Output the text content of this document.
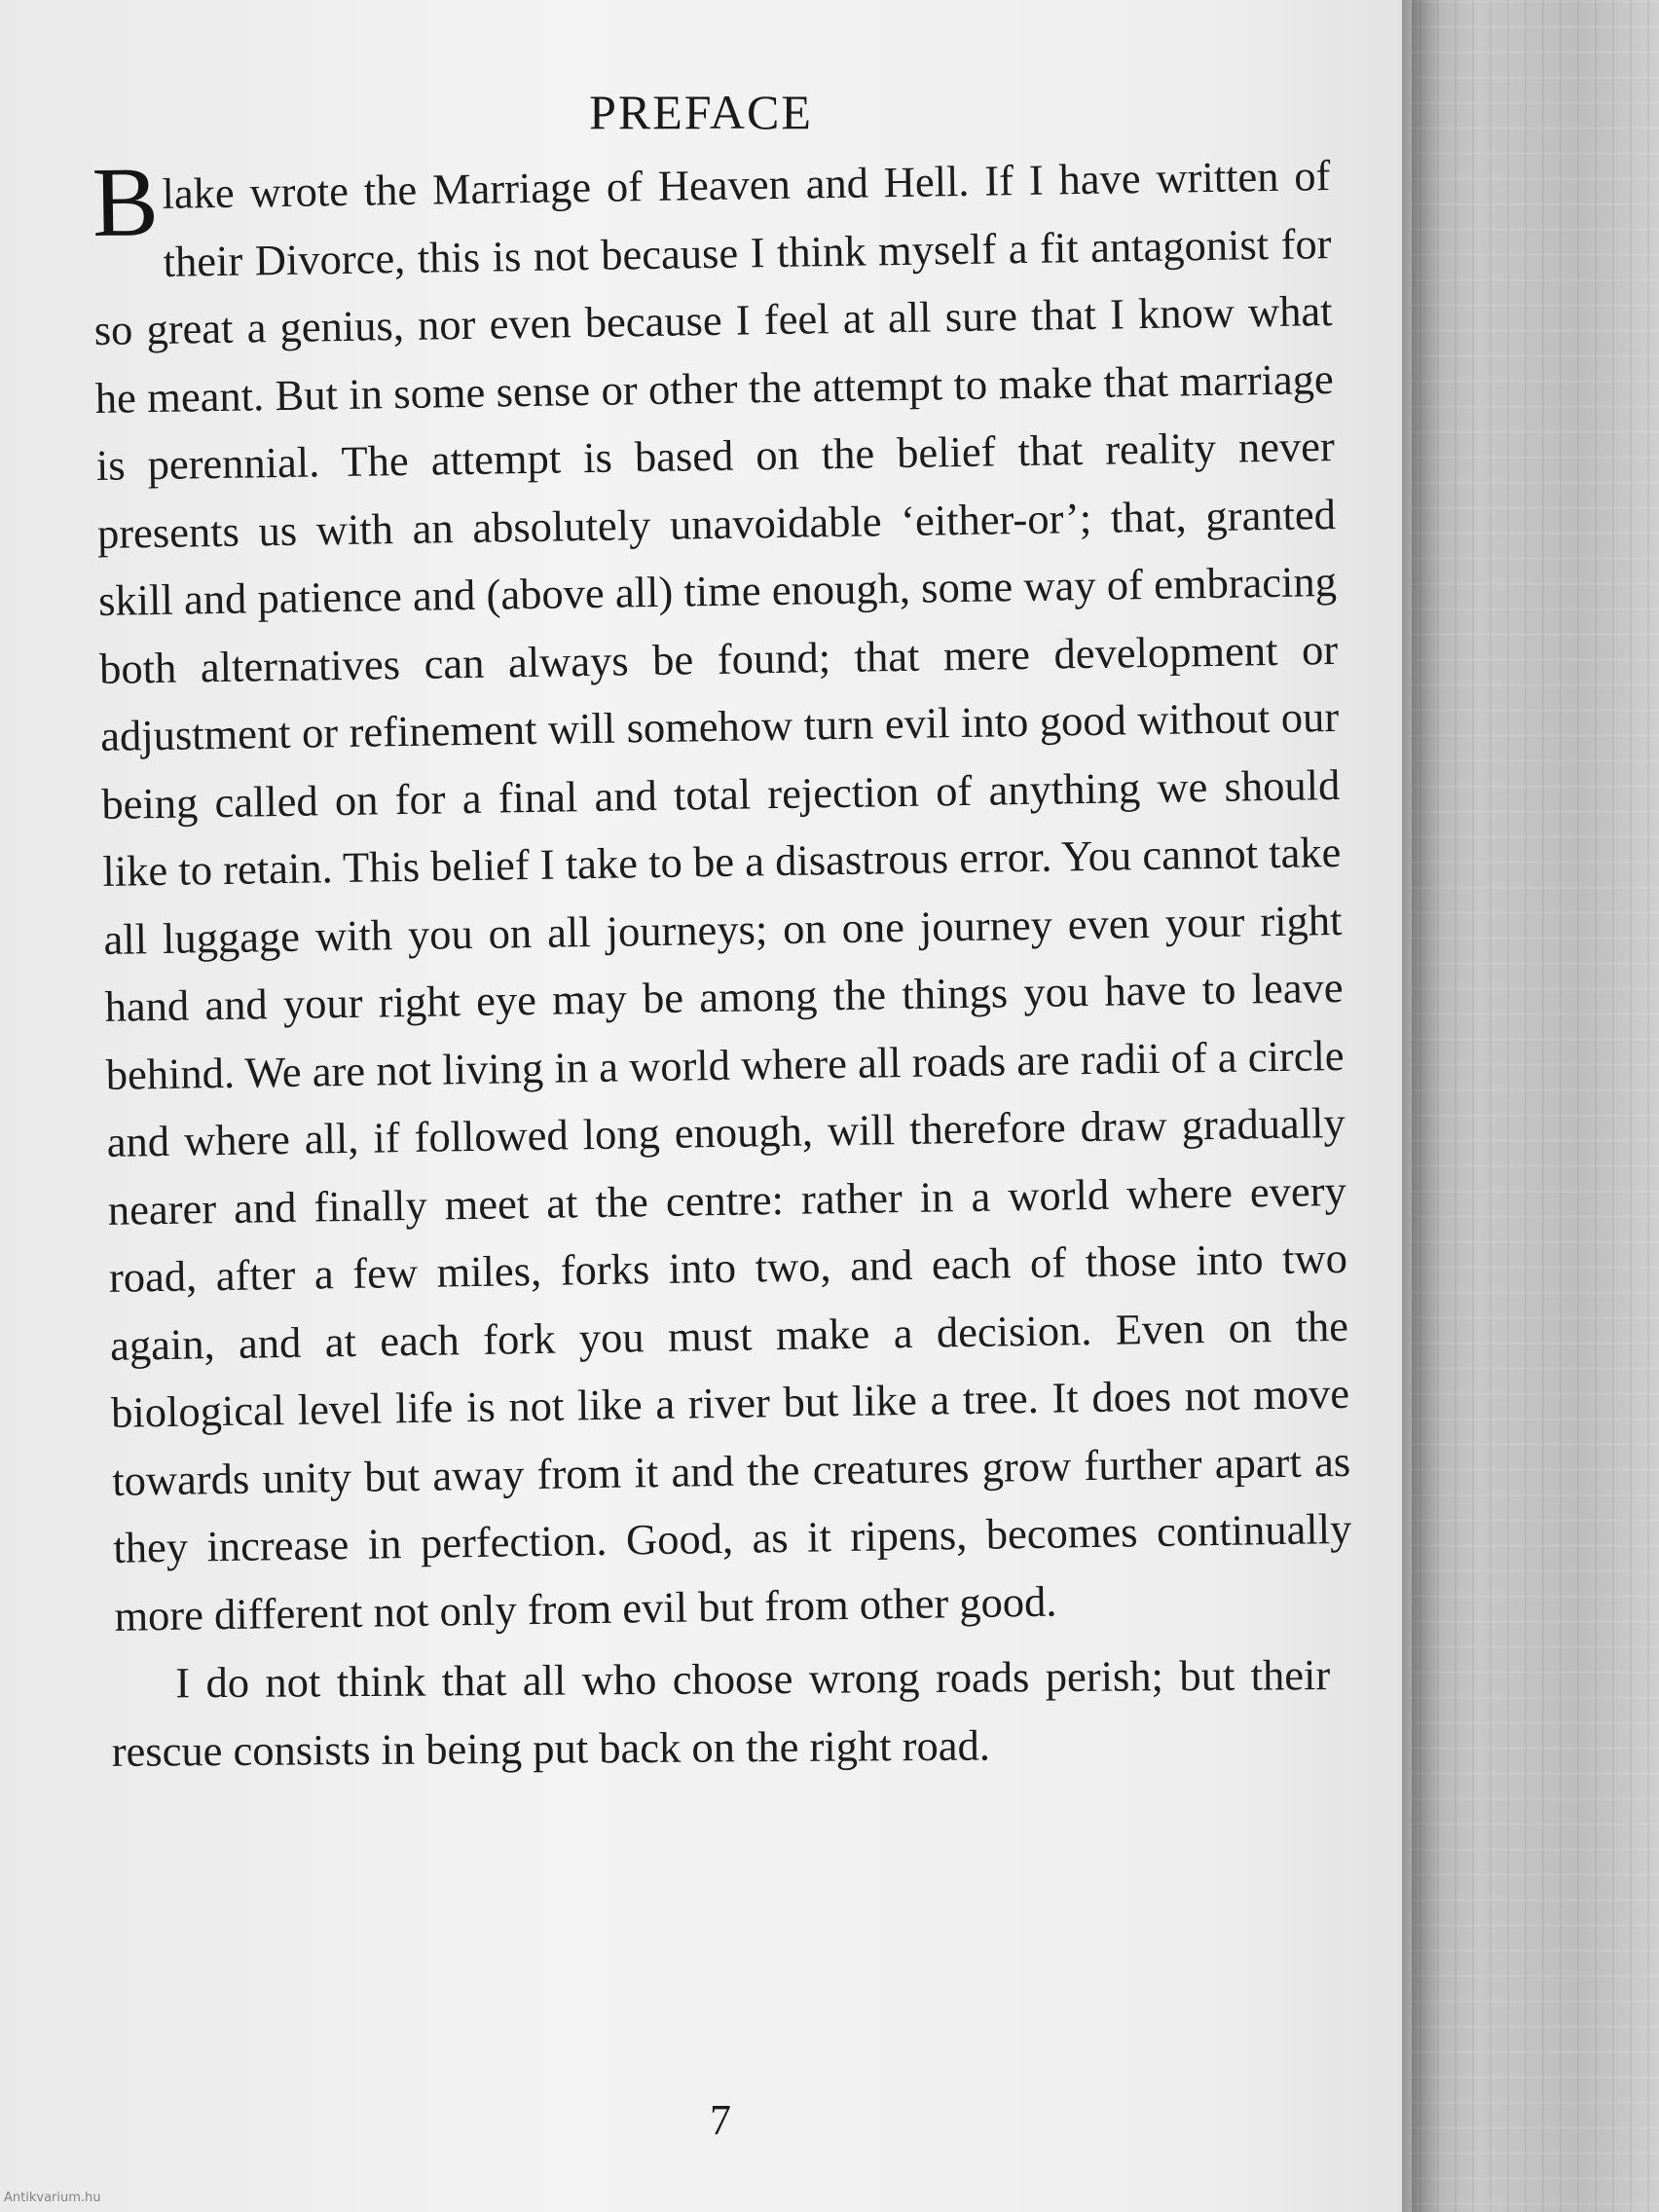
PREFACE

Blake wrote the Marriage of Heaven and Hell. If I have written of their Divorce, this is not because I think myself a fit antagonist for so great a genius, nor even because I feel at all sure that I know what he meant. But in some sense or other the attempt to make that marriage is perennial. The attempt is based on the belief that reality never presents us with an absolutely unavoidable ‘either-or’; that, granted skill and patience and (above all) time enough, some way of embracing both alternatives can always be found; that mere development or adjustment or refinement will somehow turn evil into good without our being called on for a final and total rejection of anything we should like to retain. This belief I take to be a disastrous error. You cannot take all luggage with you on all journeys; on one journey even your right hand and your right eye may be among the things you have to leave behind. We are not living in a world where all roads are radii of a circle and where all, if followed long enough, will therefore draw gradually nearer and finally meet at the centre: rather in a world where every road, after a few miles, forks into two, and each of those into two again, and at each fork you must make a decision. Even on the biological level life is not like a river but like a tree. It does not move towards unity but away from it and the creatures grow further apart as they increase in perfection. Good, as it ripens, becomes continually more different not only from evil but from other good.

I do not think that all who choose wrong roads perish; but their rescue consists in being put back on the right road.

7
Antikvarium.hu
